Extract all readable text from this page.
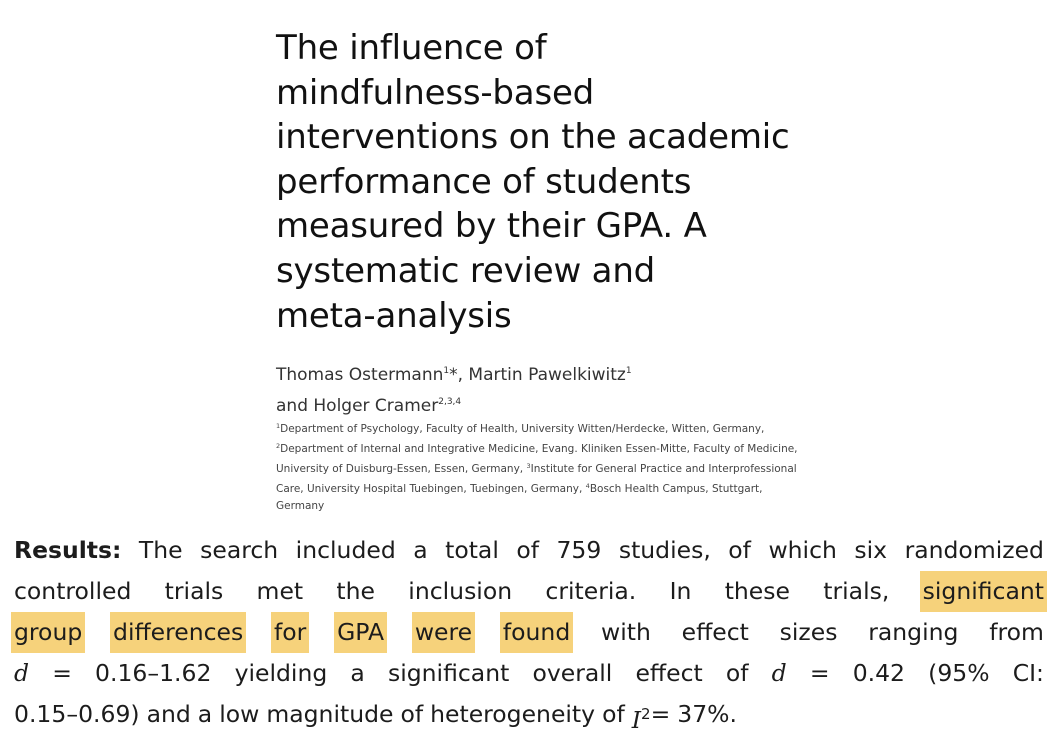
The influence of
mindfulness-based
interventions on the academic
performance of students
measured by their GPA. A
systematic review and
meta-analysis
Thomas Ostermann$^1$*, Martin Pawelkiwitz$^1$
and Holger Cramer$^{2,3,4}$
$^1$Department of Psychology, Faculty of Health, University Witten/Herdecke, Witten, Germany,
$^2$Department of Internal and Integrative Medicine, Evang. Kliniken Essen-Mitte, Faculty of Medicine,
University of Duisburg-Essen, Essen, Germany, $^3$Institute for General Practice and Interprofessional
Care, University Hospital Tuebingen, Tuebingen, Germany, $^4$Bosch Health Campus, Stuttgart,
Germany
Results: The search included a total of 759 studies, of which six randomized
controlled trials met the inclusion criteria. In these trials, significant
group differences for GPA were found with effect sizes ranging from
d = 0.16–1.62 yielding a significant overall effect of d = 0.42 (95% CI:
0.15–0.69) and a low magnitude of heterogeneity of $I^2 = 37\%$.
